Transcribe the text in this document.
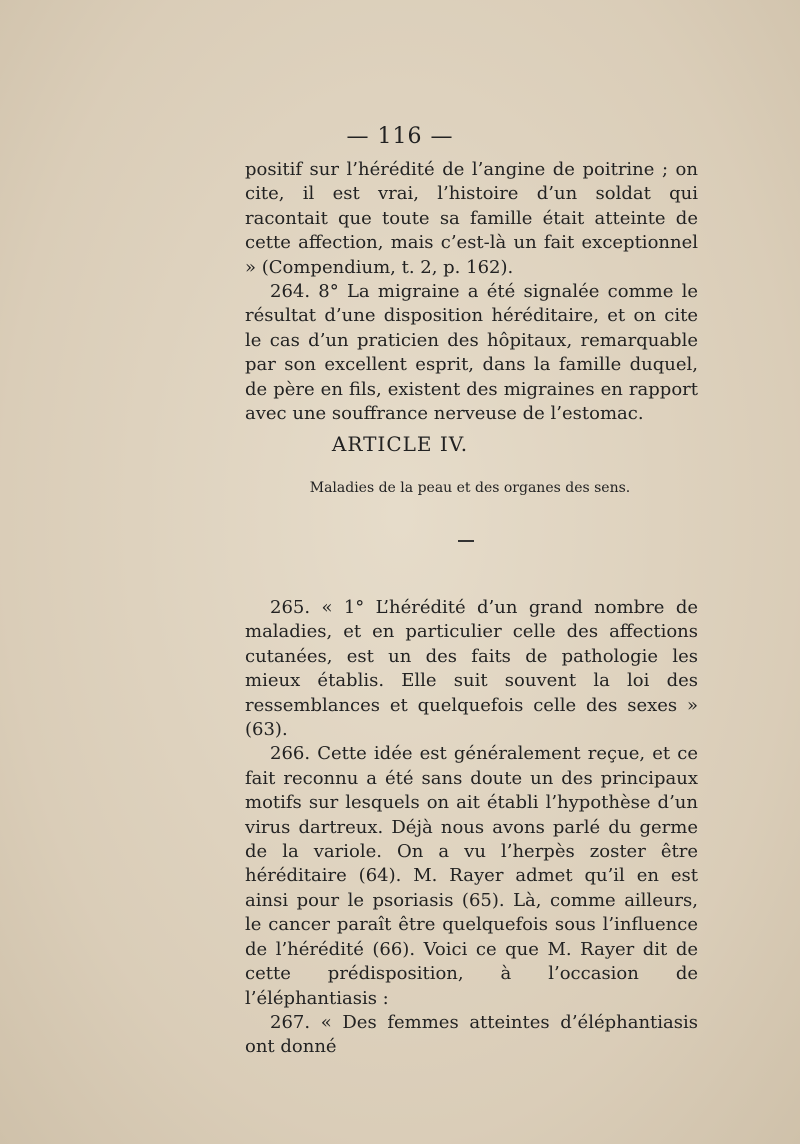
— 116 —

positif sur l’hérédité de l’angine de poitrine ; on cite, il est vrai, l’histoire d’un soldat qui racontait que toute sa famille était atteinte de cette affection, mais c’est-là un fait exceptionnel » (Compendium, t. 2, p. 162).

264. 8° La migraine a été signalée comme le résultat d’une disposition héréditaire, et on cite le cas d’un praticien des hôpitaux, remarquable par son excellent esprit, dans la famille duquel, de père en fils, existent des migraines en rapport avec une souffrance nerveuse de l’estomac.

ARTICLE IV.
Maladies de la peau et des organes des sens.

265. « 1° L’hérédité d’un grand nombre de maladies, et en particulier celle des affections cutanées, est un des faits de pathologie les mieux établis. Elle suit souvent la loi des ressemblances et quelquefois celle des sexes » (63).

266. Cette idée est généralement reçue, et ce fait reconnu a été sans doute un des principaux motifs sur lesquels on ait établi l’hypothèse d’un virus dartreux. Déjà nous avons parlé du germe de la variole. On a vu l’herpès zoster être héréditaire (64). M. Rayer admet qu’il en est ainsi pour le psoriasis (65). Là, comme ailleurs, le cancer paraît être quelquefois sous l’influence de l’hérédité (66). Voici ce que M. Rayer dit de cette prédisposition, à l’occasion de l’éléphantiasis :

267. « Des femmes atteintes d’éléphantiasis ont donné
